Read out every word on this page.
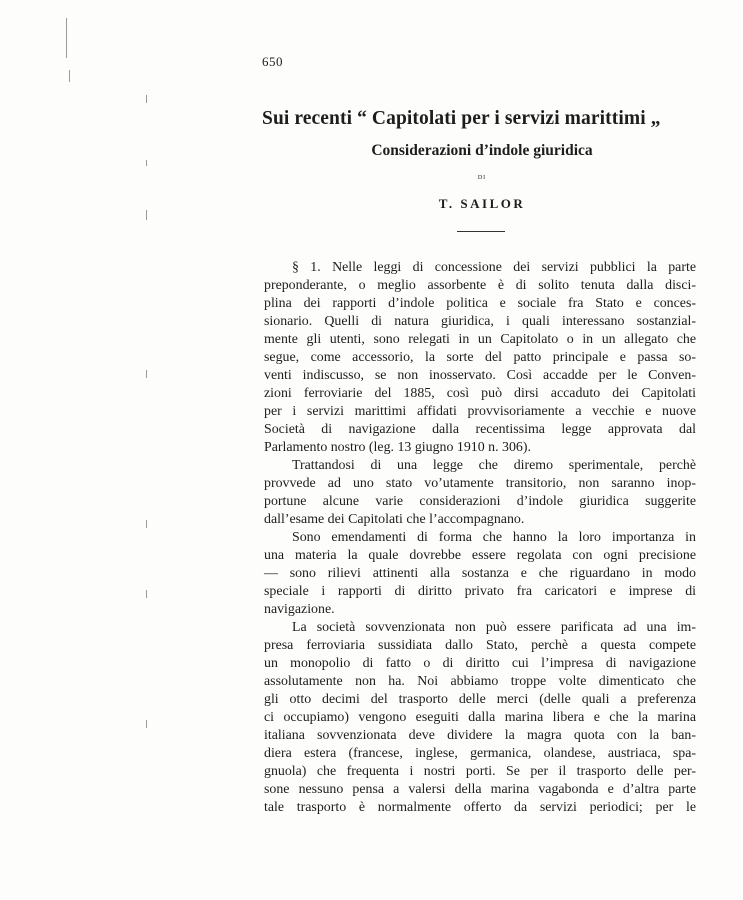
650
Sui recenti “ Capitolati per i servizi marittimi „
Considerazioni d’indole giuridica
DI
T. SAILOR
§ 1. Nelle leggi di concessione dei servizi pubblici la parte
preponderante, o meglio assorbente è di solito tenuta dalla disci-
plina dei rapporti d’indole politica e sociale fra Stato e conces-
sionario. Quelli di natura giuridica, i quali interessano sostanzial-
mente gli utenti, sono relegati in un Capitolato o in un allegato che
segue, come accessorio, la sorte del patto principale e passa so-
venti indiscusso, se non inosservato. Così accadde per le Conven-
zioni ferroviarie del 1885, così può dirsi accaduto dei Capitolati
per i servizi marittimi affidati provvisoriamente a vecchie e nuove
Società di navigazione dalla recentissima legge approvata dal
Parlamento nostro (leg. 13 giugno 1910 n. 306).
Trattandosi di una legge che diremo sperimentale, perchè
provvede ad uno stato vo’utamente transitorio, non saranno inop-
portune alcune varie considerazioni d’indole giuridica suggerite
dall’esame dei Capitolati che l’accompagnano.
Sono emendamenti di forma che hanno la loro importanza in
una materia la quale dovrebbe essere regolata con ogni precisione
— sono rilievi attinenti alla sostanza e che riguardano in modo
speciale i rapporti di diritto privato fra caricatori e imprese di
navigazione.
La società sovvenzionata non può essere parificata ad una im-
presa ferroviaria sussidiata dallo Stato, perchè a questa compete
un monopolio di fatto o di diritto cui l’impresa di navigazione
assolutamente non ha. Noi abbiamo troppe volte dimenticato che
gli otto decimi del trasporto delle merci (delle quali a preferenza
ci occupiamo) vengono eseguiti dalla marina libera e che la marina
italiana sovvenzionata deve dividere la magra quota con la ban-
diera estera (francese, inglese, germanica, olandese, austriaca, spa-
gnuola) che frequenta i nostri porti. Se per il trasporto delle per-
sone nessuno pensa a valersi della marina vagabonda e d’altra parte
tale trasporto è normalmente offerto da servizi periodici; per le
